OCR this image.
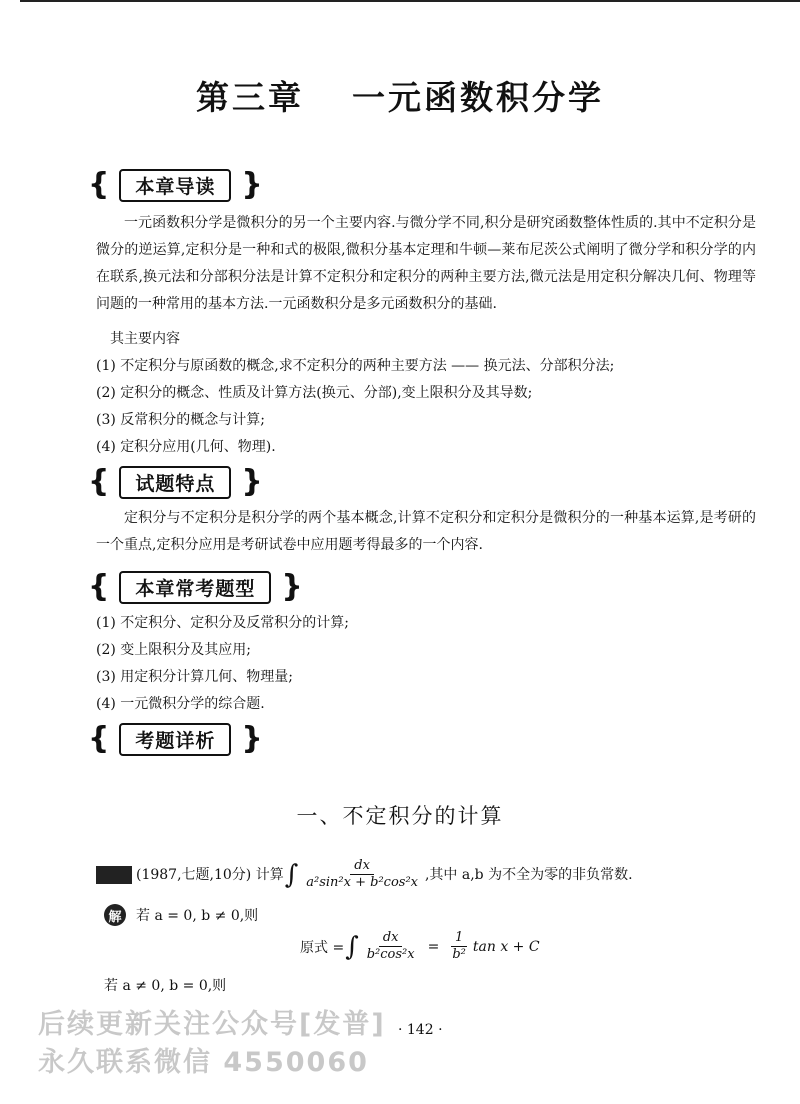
第三章 一元函数积分学
{	本章导读 }

一元函数积分学是微积分的另一个主要内容.与微分学不同,积分是研究函数整体性质的.其中不定积分是微分的逆运算,定积分是一种和式的极限,微积分基本定理和牛顿—莱布尼茨公式阐明了微分学和积分学的内在联系,换元法和分部积分法是计算不定积分和定积分的两种主要方法,微元法是用定积分解决几何、物理等问题的一种常用的基本方法.一元函数积分是多元函数积分的基础.

其主要内容
(1) 不定积分与原函数的概念,求不定积分的两种主要方法 —— 换元法、分部积分法;
(2) 定积分的概念、性质及计算方法(换元、分部),变上限积分及其导数;
(3) 反常积分的概念与计算;
(4) 定积分应用(几何、物理).
{	试题特点 }

定积分与不定积分是积分学的两个基本概念,计算不定积分和定积分是微积分的一种基本运算,是考研的一个重点,定积分应用是考研试卷中应用题考得最多的一个内容.

{	本章常考题型 }
(1) 不定积分、定积分及反常积分的计算;
(2) 变上限积分及其应用;
(3) 用定积分计算几何、物理量;
(4) 一元微积分学的综合题.
{	考题详析 }
一、不定积分的计算
(1987,七题,10分) 计算 ∫ $\frac{dx}{\text{a²sin²x + b²cos²x}}$ ,其中 a,b 为不全为零的非负常数.
解	若 a = 0, b ≠ 0,则
原式 = ∫ $\frac{dx}{\text{b²cos²x}} = \frac{1}{\text{b²}}$ tan x + C
若 a ≠ 0, b = 0,则
后续更新关注公众号[发普]
永久联系微信 4550060
· 142 ·
